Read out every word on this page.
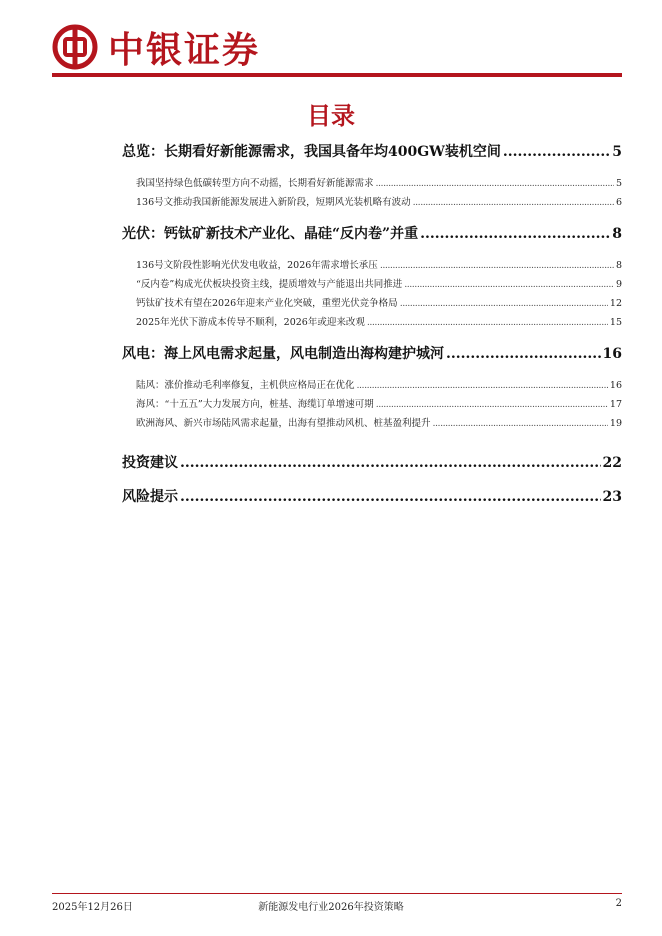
中银证券
目录
总览：长期看好新能源需求，我国具备年均400GW装机空间 .....	5
我国坚持绿色低碳转型方向不动摇，长期看好新能源需求 .....	5
136号文推动我国新能源发展进入新阶段，短期风光装机略有波动 .....	6
光伏：钙钛矿新技术产业化、晶硅“反内卷”并重 .....	8
136号文阶段性影响光伏发电收益，2026年需求增长承压 .....	8
“反内卷”构成光伏板块投资主线，提质增效与产能退出共同推进 .....	9
钙钛矿技术有望在2026年迎来产业化突破，重塑光伏竞争格局 .....	12
2025年光伏下游成本传导不顺利，2026年或迎来改观 .....	15
风电：海上风电需求起量，风电制造出海构建护城河 .....	16
陆风：涨价推动毛利率修复，主机供应格局正在优化 .....	16
海风：“十五五”大力发展方向，桩基、海缆订单增速可期 .....	17
欧洲海风、新兴市场陆风需求起量，出海有望推动风机、桩基盈利提升 .....	19
投资建议 .....	22
风险提示 .....	23
2025年12月26日	新能源发电行业2026年投资策略	2
